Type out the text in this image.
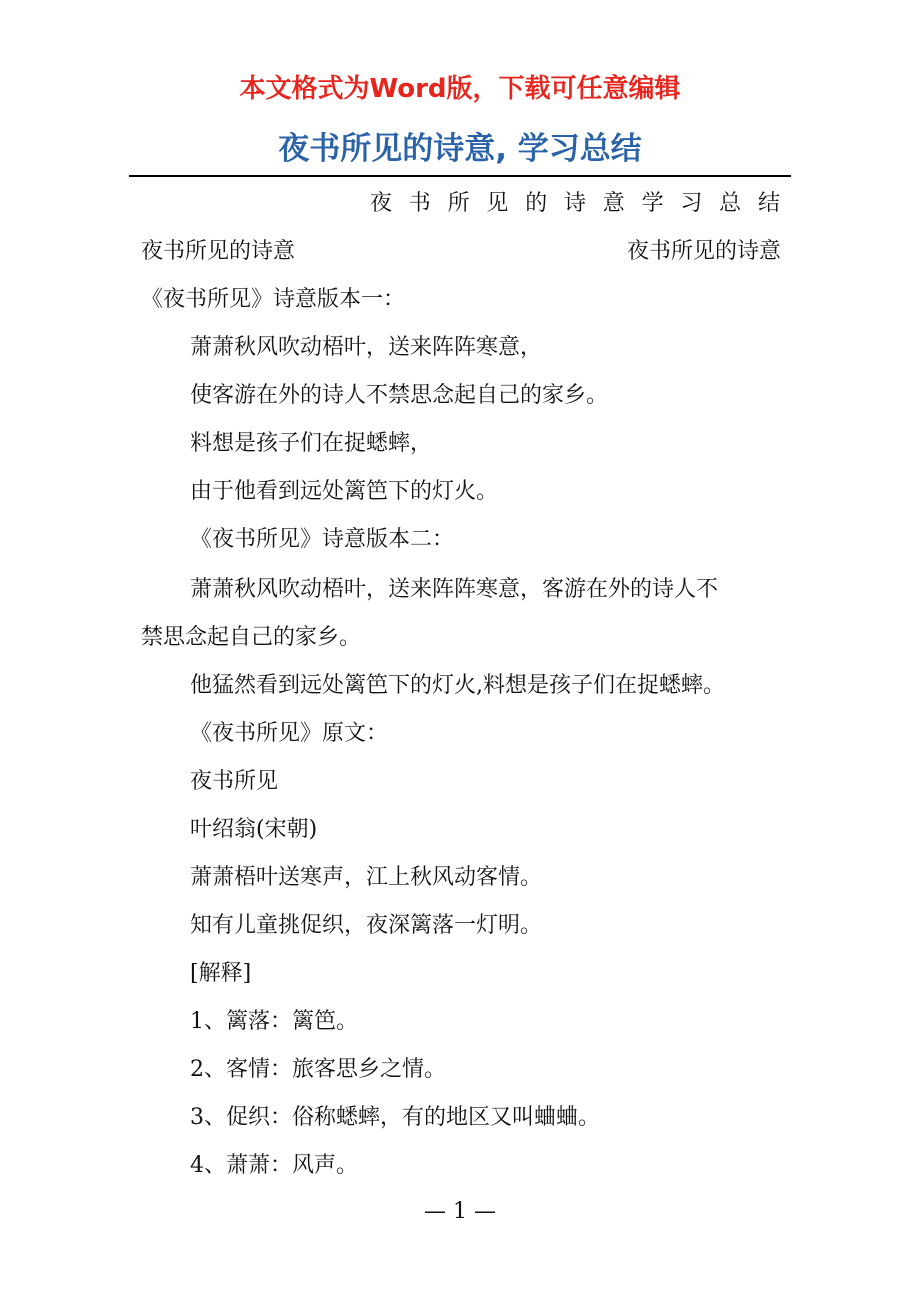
本文格式为Word版，下载可任意编辑
夜书所见的诗意, 学习总结
夜 书 所 见 的 诗 意 学 习 总 结
夜书所见的诗意	夜书所见的诗意
《夜书所见》诗意版本一：
萧萧秋风吹动梧叶，送来阵阵寒意，
使客游在外的诗人不禁思念起自己的家乡。
料想是孩子们在捉蟋蟀，
由于他看到远处篱笆下的灯火。
《夜书所见》诗意版本二：
萧萧秋风吹动梧叶，送来阵阵寒意，客游在外的诗人不
禁思念起自己的家乡。
他猛然看到远处篱笆下的灯火,料想是孩子们在捉蟋蟀。
《夜书所见》原文：
夜书所见
叶绍翁(宋朝)
萧萧梧叶送寒声，江上秋风动客情。
知有儿童挑促织，夜深篱落一灯明。
[解释]
1、篱落：篱笆。
2、客情：旅客思乡之情。
3、促织：俗称蟋蟀，有的地区又叫蛐蛐。
4、萧萧：风声。
— 1 —
